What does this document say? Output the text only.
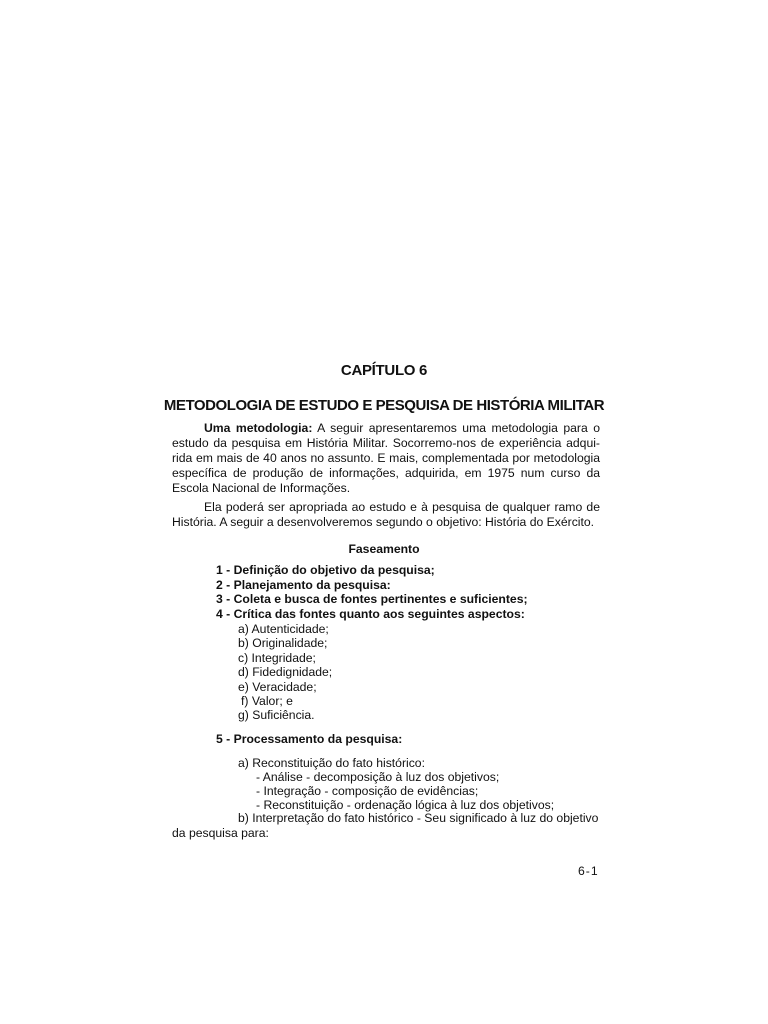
CAPÍTULO 6
METODOLOGIA DE ESTUDO E PESQUISA DE HISTÓRIA MILITAR
Uma metodologia: A seguir apresentaremos uma metodologia para o estudo da pesquisa em História Militar. Socorremo-nos de experiência adqui-rida em mais de 40 anos no assunto. E mais, complementada por metodologia específica de produção de informações, adquirida, em 1975 num curso da Escola Nacional de Informações.
Ela poderá ser apropriada ao estudo e à pesquisa de qualquer ramo de História. A seguir a desenvolveremos segundo o objetivo: História do Exército.
Faseamento
1 - Definição do objetivo da pesquisa;
2 - Planejamento da pesquisa:
3 - Coleta e busca de fontes pertinentes e suficientes;
4 - Crítica das fontes quanto aos seguintes aspectos:
a) Autenticidade;
b) Originalidade;
c) Integridade;
d) Fidedignidade;
e) Veracidade;
f) Valor; e
g) Suficiência.
5 - Processamento da pesquisa:
a) Reconstituição do fato histórico:
- Análise - decomposição à luz dos objetivos;
- Integração - composição de evidências;
- Reconstituição - ordenação lógica à luz dos objetivos;
b) Interpretação do fato histórico - Seu significado à luz do objetivo da pesquisa para:
6-1
